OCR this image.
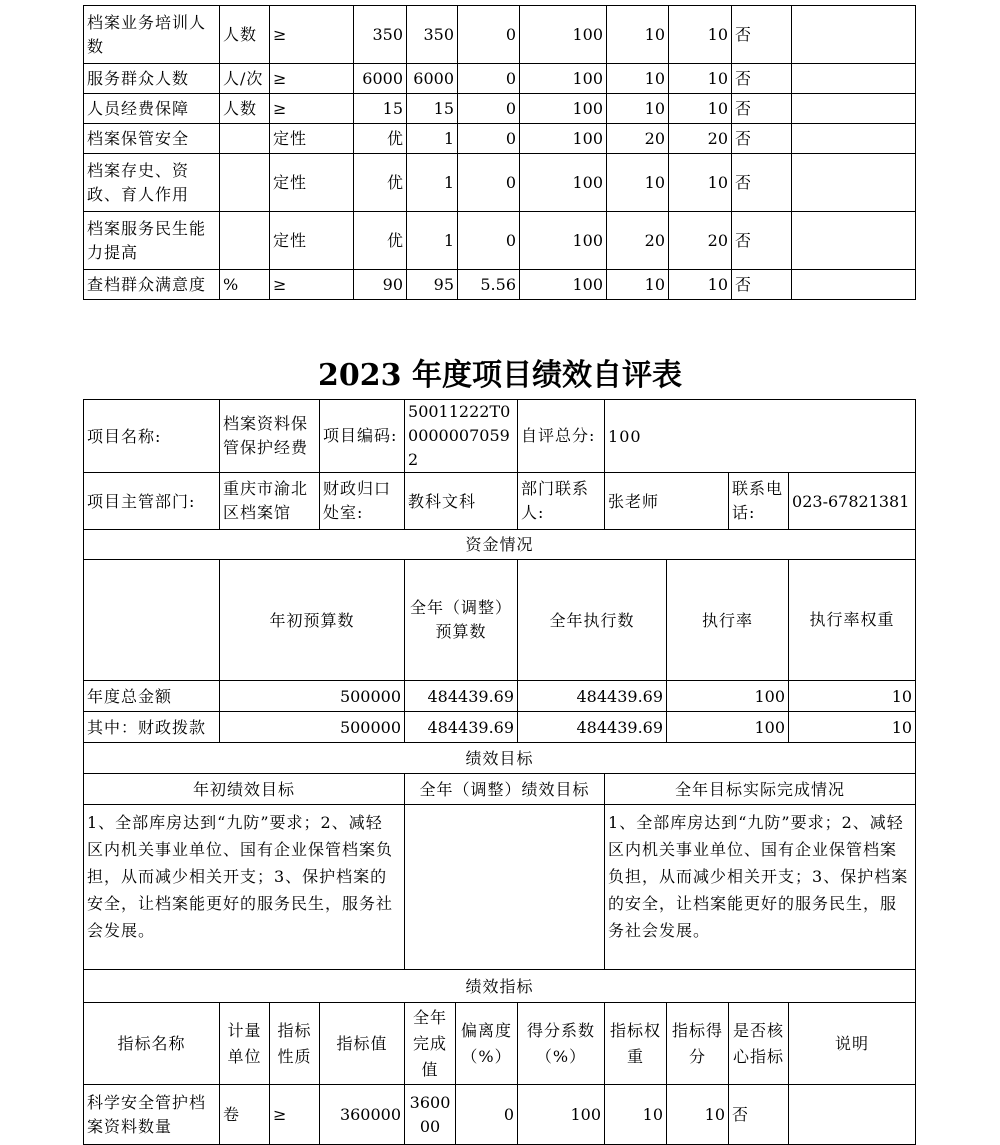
档案业务培训人数	人数	≥	350	350	0	100	10	10	否	
服务群众人数	人/次	≥	6000	6000	0	100	10	10	否	
人员经费保障	人数	≥	15	15	0	100	10	10	否	
档案保管安全		定性	优	1	0	100	20	20	否	
档案存史、资政、育人作用		定性	优	1	0	100	10	10	否	
档案服务民生能力提高		定性	优	1	0	100	20	20	否	
查档群众满意度	%	≥	90	95	5.56	100	10	10	否	
2023 年度项目绩效自评表
项目名称:	档案资料保管保护经费		项目编码:	50011222T000000070592		自评总分:	100				
项目主管部门:	重庆市渝北区档案馆		财政归口处室:	教科文科		部门联系人:	张老师		联系电话:	023-67821381	
资金情况											
	年初预算数			全年（调整）预算数		全年执行数		执行率		执行率权重	
年度总金额	500000			484439.69		484439.69		100		10	
其中：财政拨款	500000			484439.69		484439.69		100		10	
绩效目标											
年初绩效目标				全年（调整）绩效目标			全年目标实际完成情况				
1、全部库房达到“九防”要求；2、减轻区内机关事业单位、国有企业保管档案负担，从而减少相关开支；3、保护档案的安全，让档案能更好的服务民生，服务社会发展。							1、全部库房达到“九防”要求；2、减轻区内机关事业单位、国有企业保管档案负担，从而减少相关开支；3、保护档案的安全，让档案能更好的服务民生，服务社会发展。				
绩效指标											
指标名称	计量单位	指标性质	指标值	全年完成值	偏离度（%）	得分系数（%）	指标权重	指标得分	是否核心指标	说明	
科学安全管护档案资料数量	卷	≥	360000	360000	0	100	10	10	否		
